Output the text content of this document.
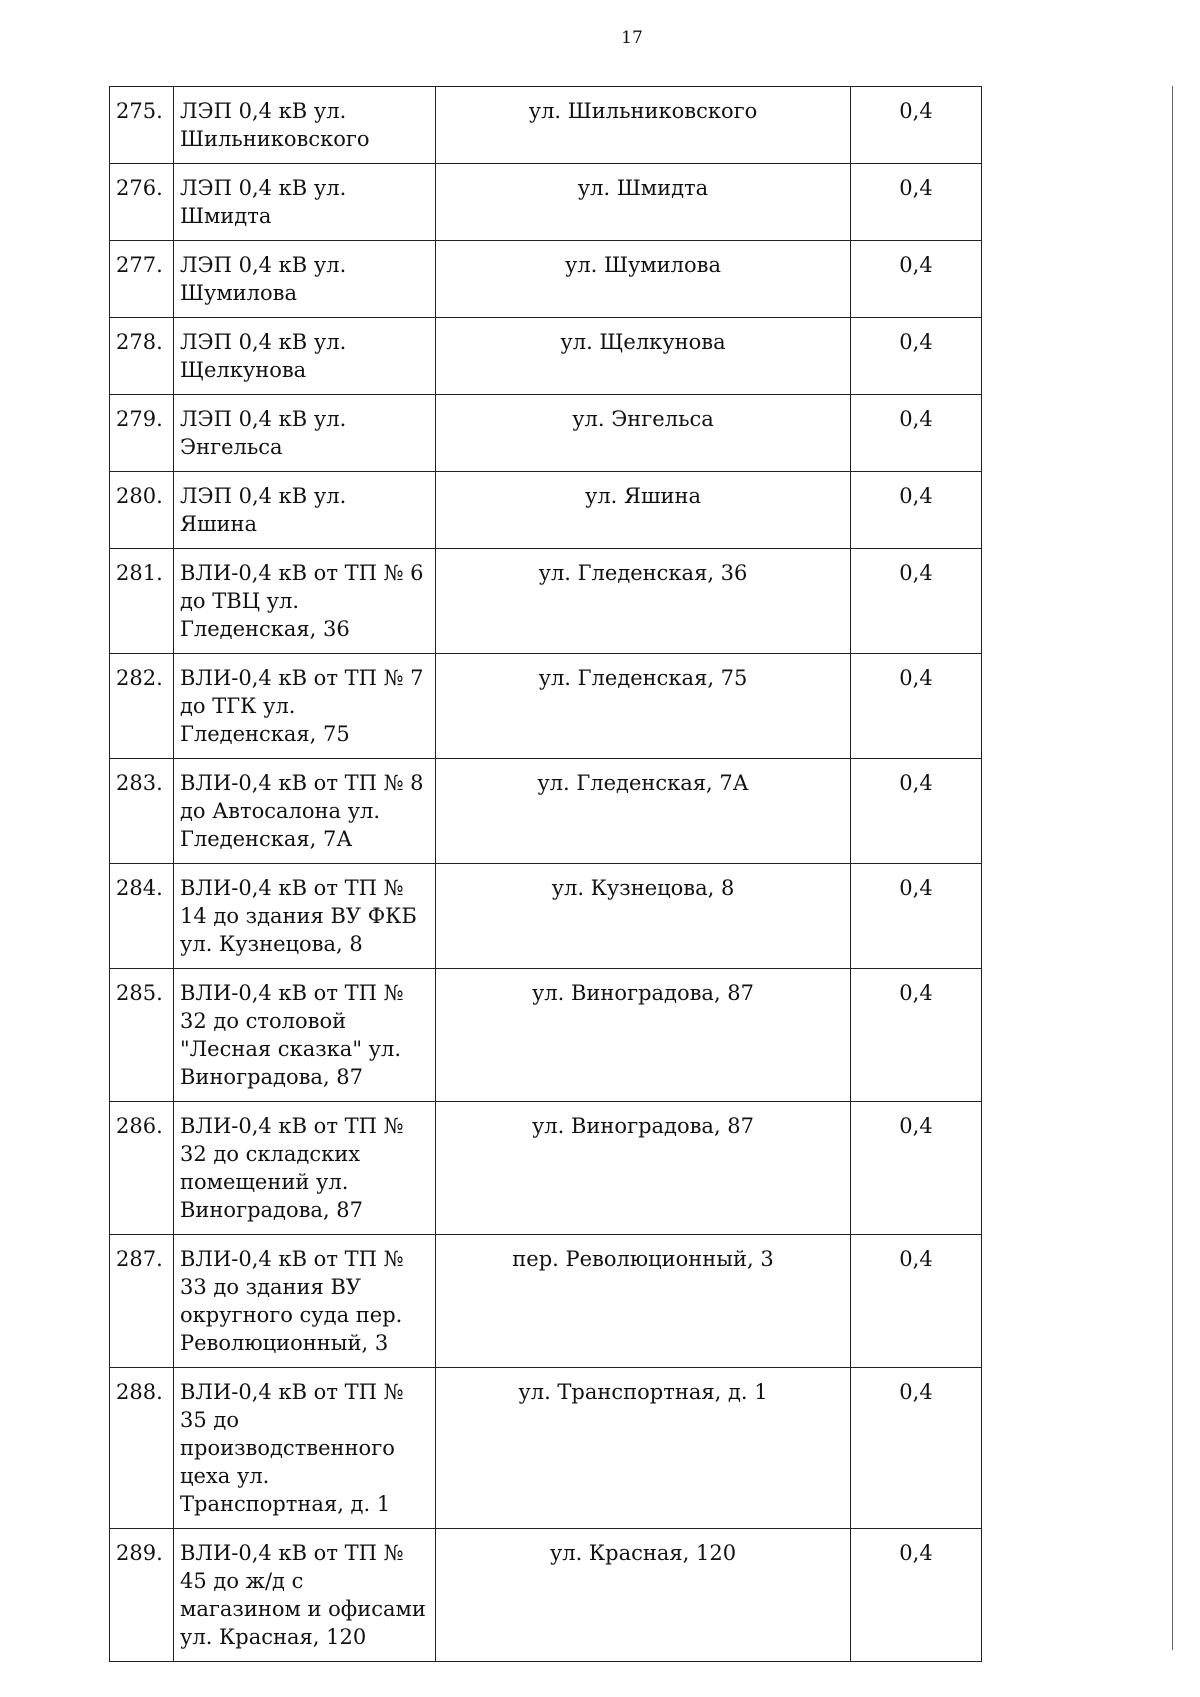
17
275.	ЛЭП 0,4 кВ ул. Шильниковского	ул. Шильниковского	0,4
276.	ЛЭП 0,4 кВ ул. Шмидта	ул. Шмидта	0,4
277.	ЛЭП 0,4 кВ ул. Шумилова	ул. Шумилова	0,4
278.	ЛЭП 0,4 кВ ул. Щелкунова	ул. Щелкунова	0,4
279.	ЛЭП 0,4 кВ ул. Энгельса	ул. Энгельса	0,4
280.	ЛЭП 0,4 кВ ул. Яшина	ул. Яшина	0,4
281.	ВЛИ-0,4 кВ от ТП № 6 до ТВЦ ул. Гледенская, 36	ул. Гледенская, 36	0,4
282.	ВЛИ-0,4 кВ от ТП № 7 до ТГК ул. Гледенская, 75	ул. Гледенская, 75	0,4
283.	ВЛИ-0,4 кВ от ТП № 8 до Автосалона ул. Гледенская, 7А	ул. Гледенская, 7А	0,4
284.	ВЛИ-0,4 кВ от ТП № 14 до здания ВУ ФКБ ул. Кузнецова, 8	ул. Кузнецова, 8	0,4
285.	ВЛИ-0,4 кВ от ТП № 32 до столовой "Лесная сказка" ул. Виноградова, 87	ул. Виноградова, 87	0,4
286.	ВЛИ-0,4 кВ от ТП № 32 до складских помещений ул. Виноградова, 87	ул. Виноградова, 87	0,4
287.	ВЛИ-0,4 кВ от ТП № 33 до здания ВУ округного суда пер. Революционный, 3	пер. Революционный, 3	0,4
288.	ВЛИ-0,4 кВ от ТП № 35 до производственного цеха ул. Транспортная, д. 1	ул. Транспортная, д. 1	0,4
289.	ВЛИ-0,4 кВ от ТП № 45 до ж/д с магазином и офисами ул. Красная, 120	ул. Красная, 120	0,4
